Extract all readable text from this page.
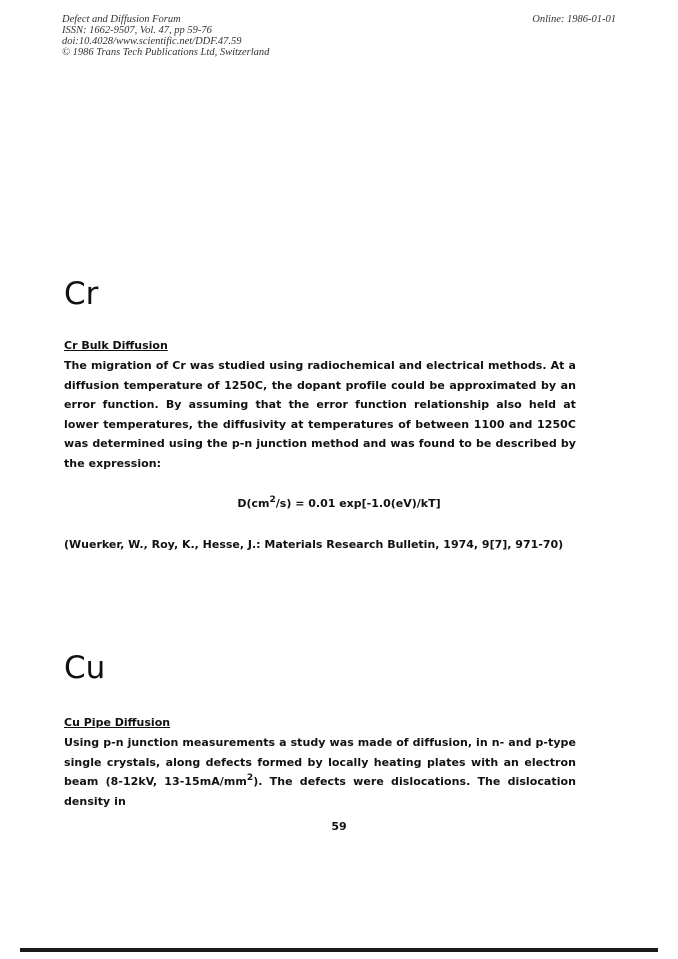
Defect and Diffusion Forum
ISSN: 1662-9507, Vol. 47, pp 59-76
doi:10.4028/www.scientific.net/DDF.47.59
© 1986 Trans Tech Publications Ltd, Switzerland
Online: 1986-01-01
Cr
Cr Bulk Diffusion

The migration of Cr was studied using radiochemical and electrical methods. At a diffusion temperature of 1250C, the dopant profile could be approximated by an error function. By assuming that the error function relationship also held at lower temperatures, the diffusivity at temperatures of between 1100 and 1250C was determined using the p-n junction method and was found to be described by the expression:

$D(cm^2/s) = 0.01$ exp[-1.0(eV)/kT]
(Wuerker, W., Roy, K., Hesse, J.: Materials Research Bulletin, 1974, 9[7], 971-70)
Cu
Cu Pipe Diffusion

Using p-n junction measurements a study was made of diffusion, in n- and p-type single crystals, along defects formed by locally heating plates with an electron beam (8-12kV, $13-15mA/mm^2$). The defects were dislocations. The dislocation density in

59
